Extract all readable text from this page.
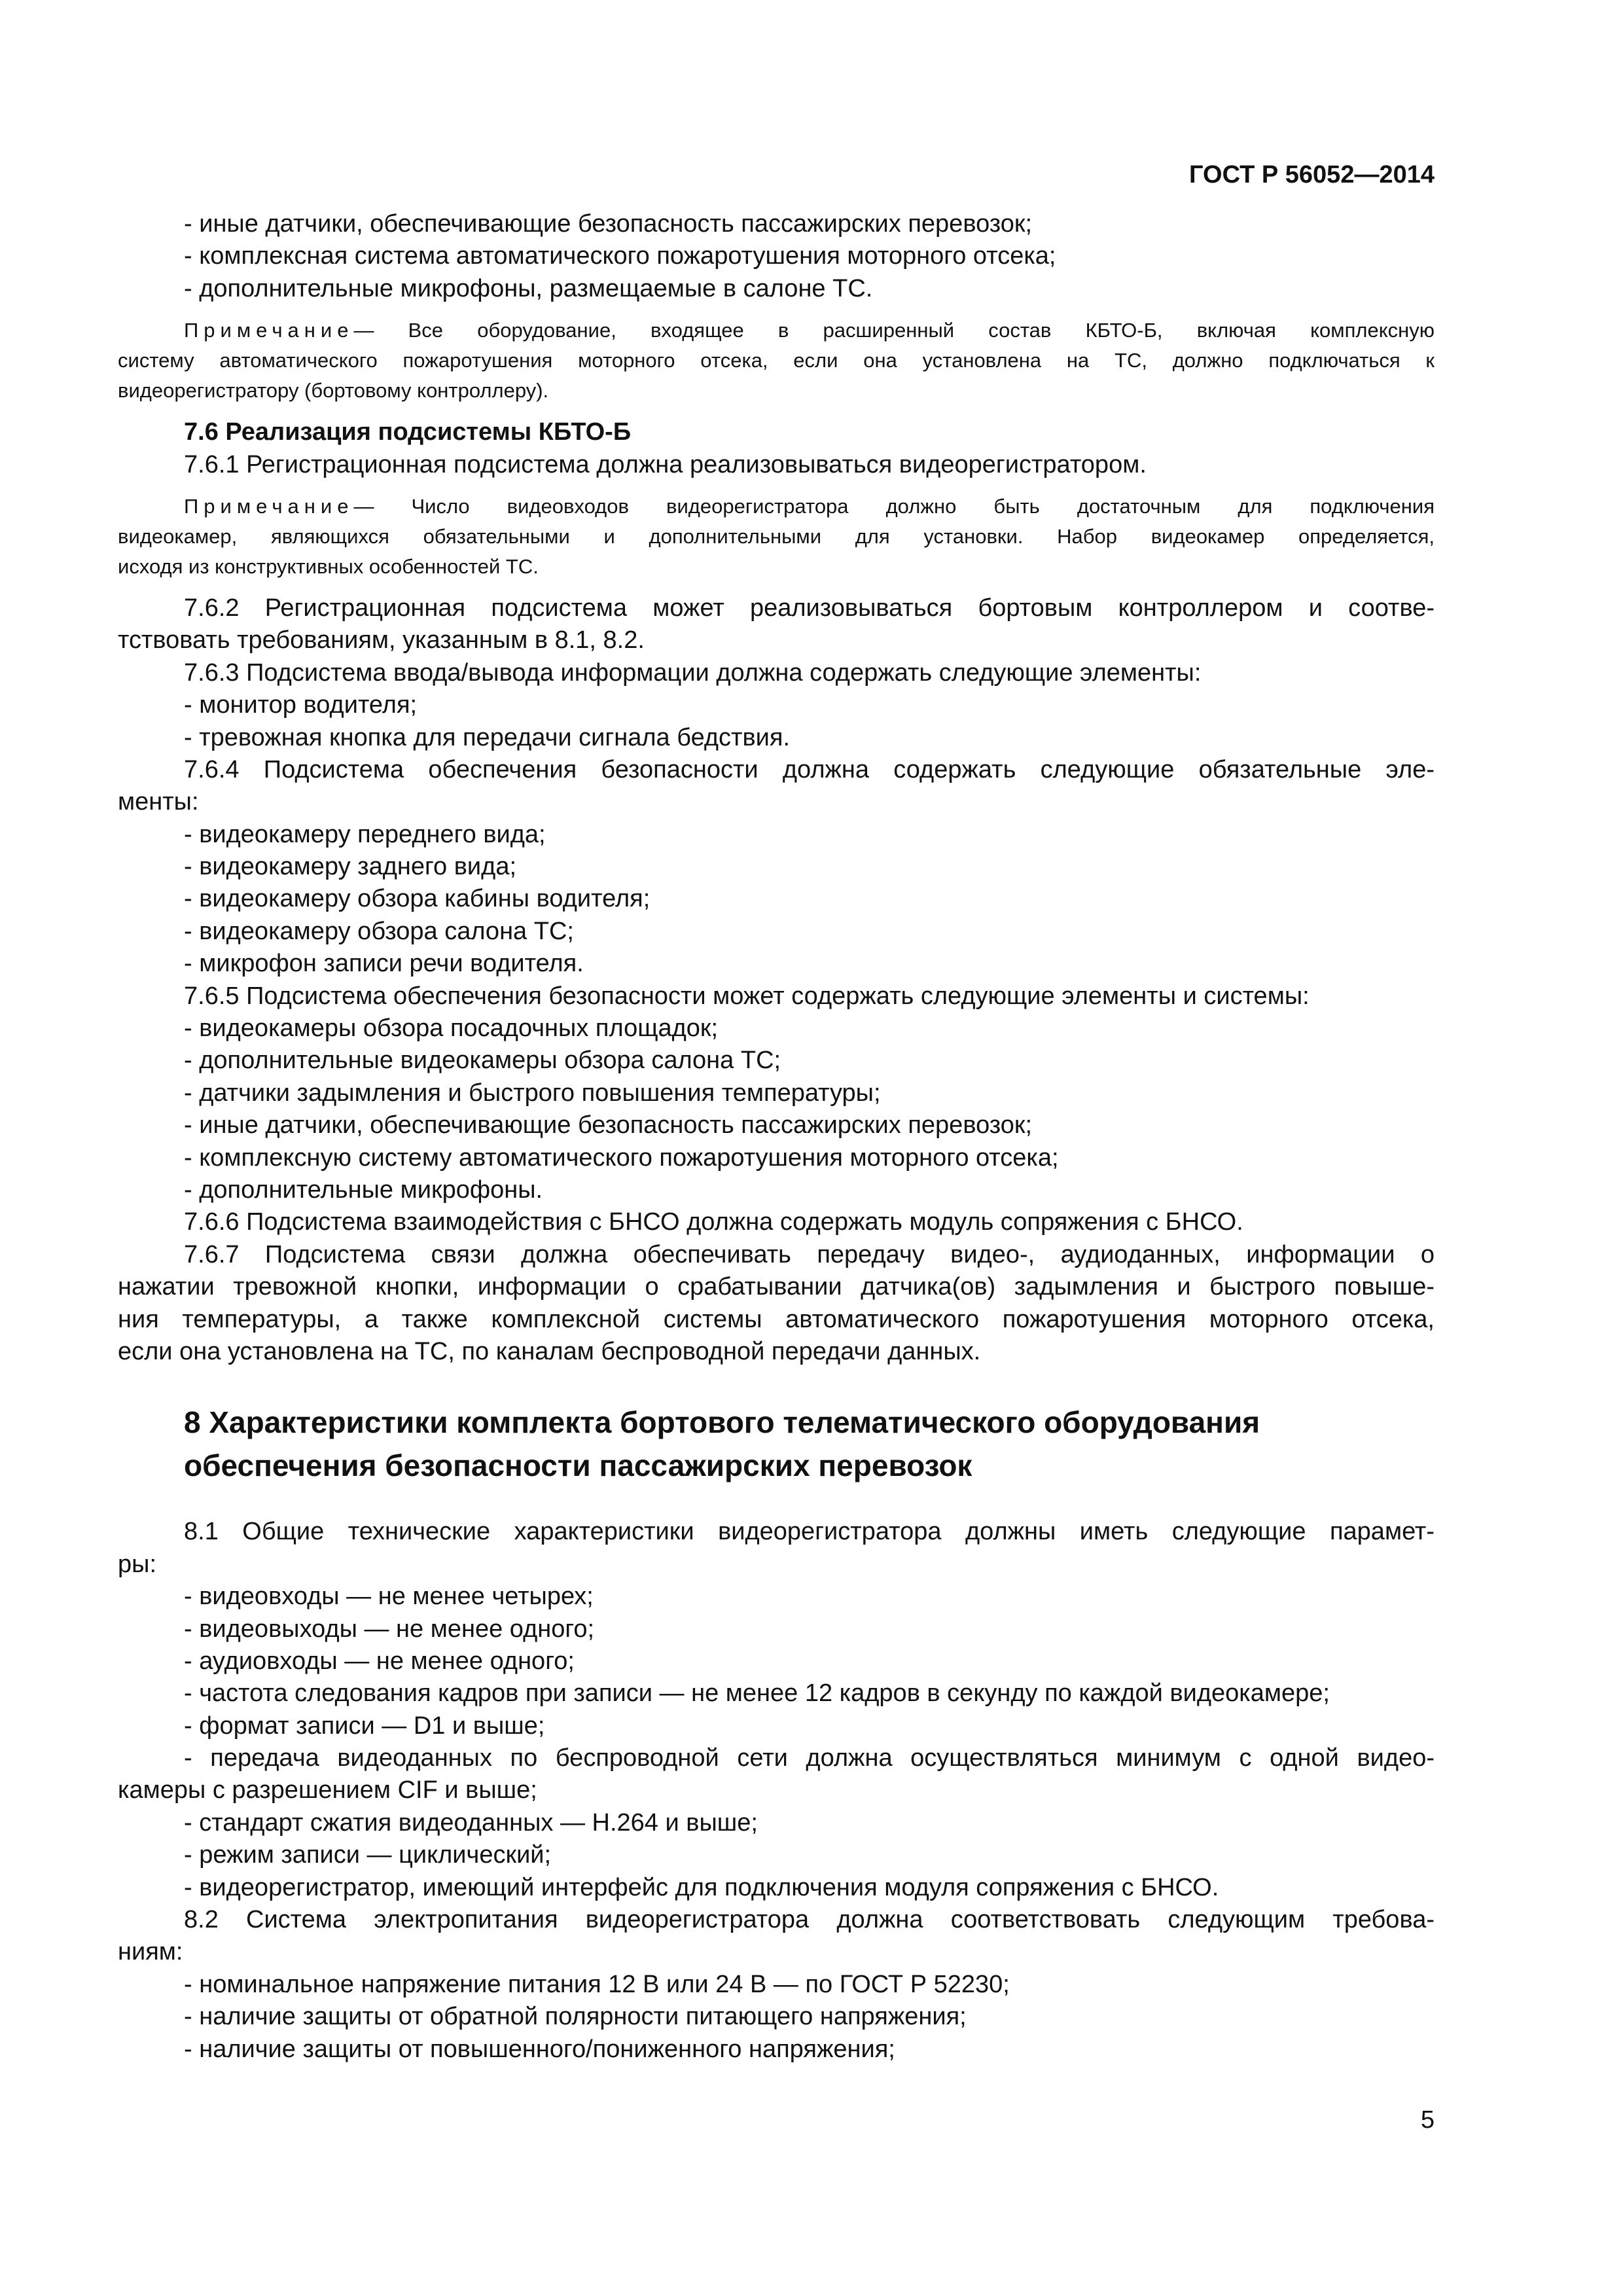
ГОСТ Р 56052—2014
- иные датчики, обеспечивающие безопасность пассажирских перевозок;
- комплексная система автоматического пожаротушения моторного отсека;
- дополнительные микрофоны, размещаемые в салоне ТС.
Примечание— Все оборудование, входящее в расширенный состав КБТО-Б, включая комплексную
систему автоматического пожаротушения моторного отсека, если она установлена на ТС, должно подключаться к
видеорегистратору (бортовому контроллеру).
7.6 Реализация подсистемы КБТО-Б
7.6.1 Регистрационная подсистема должна реализовываться видеорегистратором.
Примечание— Число видеовходов видеорегистратора должно быть достаточным для подключения
видеокамер, являющихся обязательными и дополнительными для установки. Набор видеокамер определяется,
исходя из конструктивных особенностей ТС.
7.6.2 Регистрационная подсистема может реализовываться бортовым контроллером и соотве-
тствовать требованиям, указанным в 8.1, 8.2.
7.6.3 Подсистема ввода/вывода информации должна содержать следующие элементы:
- монитор водителя;
- тревожная кнопка для передачи сигнала бедствия.
7.6.4 Подсистема обеспечения безопасности должна содержать следующие обязательные эле-
менты:
- видеокамеру переднего вида;
- видеокамеру заднего вида;
- видеокамеру обзора кабины водителя;
- видеокамеру обзора салона ТС;
- микрофон записи речи водителя.
7.6.5 Подсистема обеспечения безопасности может содержать следующие элементы и системы:
- видеокамеры обзора посадочных площадок;
- дополнительные видеокамеры обзора салона ТС;
- датчики задымления и быстрого повышения температуры;
- иные датчики, обеспечивающие безопасность пассажирских перевозок;
- комплексную систему автоматического пожаротушения моторного отсека;
- дополнительные микрофоны.
7.6.6 Подсистема взаимодействия с БНСО должна содержать модуль сопряжения с БНСО.
7.6.7 Подсистема связи должна обеспечивать передачу видео-, аудиоданных, информации о
нажатии тревожной кнопки, информации о срабатывании датчика(ов) задымления и быстрого повыше-
ния температуры, а также комплексной системы автоматического пожаротушения моторного отсека,
если она установлена на ТС, по каналам беспроводной передачи данных.
8 Характеристики комплекта бортового телематического оборудования
обеспечения безопасности пассажирских перевозок
8.1 Общие технические характеристики видеорегистратора должны иметь следующие парамет-
ры:
- видеовходы — не менее четырех;
- видеовыходы — не менее одного;
- аудиовходы — не менее одного;
- частота следования кадров при записи — не менее 12 кадров в секунду по каждой видеокамере;
- формат записи — D1 и выше;
- передача видеоданных по беспроводной сети должна осуществляться минимум с одной видео-
камеры с разрешением CIF и выше;
- стандарт сжатия видеоданных — H.264 и выше;
- режим записи — циклический;
- видеорегистратор, имеющий интерфейс для подключения модуля сопряжения с БНСО.
8.2 Система электропитания видеорегистратора должна соответствовать следующим требова-
ниям:
- номинальное напряжение питания 12 В или 24 В — по ГОСТ Р 52230;
- наличие защиты от обратной полярности питающего напряжения;
- наличие защиты от повышенного/пониженного напряжения;
5
